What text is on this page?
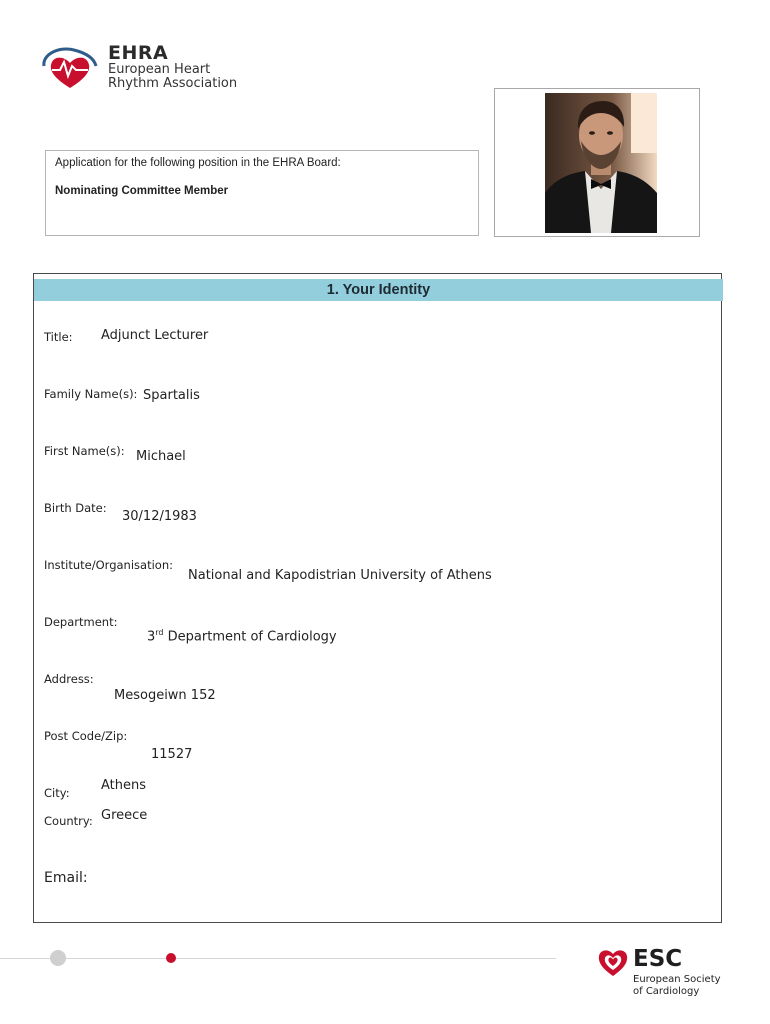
EHRA
European Heart
Rhythm Association
Application for the following position in the EHRA Board:
Nominating Committee Member
1. Your Identity
Title: Adjunct Lecturer
Family Name(s): Spartalis
First Name(s): Michael
Birth Date:
30/12/1983
Institute/Organisation:
National and Kapodistrian University of Athens
Department:
3rd Department of Cardiology
Address:
Mesogeiwn 152
Post Code/Zip:
11527
City: Athens
Country: Greece
Email:
ESC
European Society
of Cardiology
